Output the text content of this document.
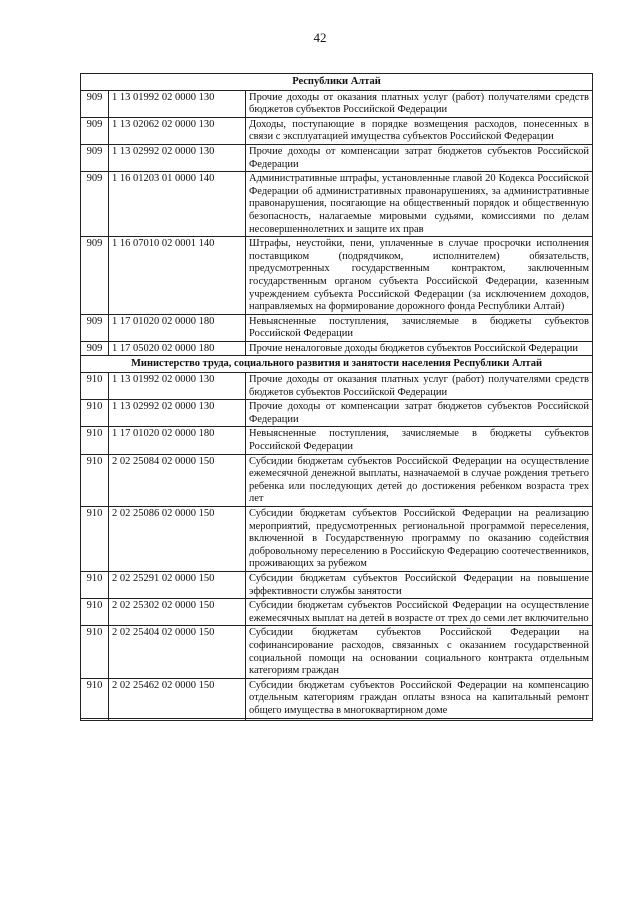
42
Республики Алтай		
909	1 13 01992 02 0000 130	Прочие доходы от оказания платных услуг (работ) получателями средств бюджетов субъектов Российской Федерации
909	1 13 02062 02 0000 130	Доходы, поступающие в порядке возмещения расходов, понесенных в связи с эксплуатацией имущества субъектов Российской Федерации
909	1 13 02992 02 0000 130	Прочие доходы от компенсации затрат бюджетов субъектов Российской Федерации
909	1 16 01203 01 0000 140	Административные штрафы, установленные главой 20 Кодекса Российской Федерации об административных правонарушениях, за административные правонарушения, посягающие на общественный порядок и общественную безопасность, налагаемые мировыми судьями, комиссиями по делам несовершеннолетних и защите их прав
909	1 16 07010 02 0001 140	Штрафы, неустойки, пени, уплаченные в случае просрочки исполнения поставщиком (подрядчиком, исполнителем) обязательств, предусмотренных государственным контрактом, заключенным государственным органом субъекта Российской Федерации, казенным учреждением субъекта Российской Федерации (за исключением доходов, направляемых на формирование дорожного фонда Республики Алтай)
909	1 17 01020 02 0000 180	Невыясненные поступления, зачисляемые в бюджеты субъектов Российской Федерации
909	1 17 05020 02 0000 180	Прочие неналоговые доходы бюджетов субъектов Российской Федерации
Министерство труда, социального развития и занятости населения Республики Алтай		
910	1 13 01992 02 0000 130	Прочие доходы от оказания платных услуг (работ) получателями средств бюджетов субъектов Российской Федерации
910	1 13 02992 02 0000 130	Прочие доходы от компенсации затрат бюджетов субъектов Российской Федерации
910	1 17 01020 02 0000 180	Невыясненные поступления, зачисляемые в бюджеты субъектов Российской Федерации
910	2 02 25084 02 0000 150	Субсидии бюджетам субъектов Российской Федерации на осуществление ежемесячной денежной выплаты, назначаемой в случае рождения третьего ребенка или последующих детей до достижения ребенком возраста трех лет
910	2 02 25086 02 0000 150	Субсидии бюджетам субъектов Российской Федерации на реализацию мероприятий, предусмотренных региональной программой переселения, включенной в Государственную программу по оказанию содействия добровольному переселению в Российскую Федерацию соотечественников, проживающих за рубежом
910	2 02 25291 02 0000 150	Субсидии бюджетам субъектов Российской Федерации на повышение эффективности службы занятости
910	2 02 25302 02 0000 150	Субсидии бюджетам субъектов Российской Федерации на осуществление ежемесячных выплат на детей в возрасте от трех до семи лет включительно
910	2 02 25404 02 0000 150	Субсидии бюджетам субъектов Российской Федерации на софинансирование расходов, связанных с оказанием государственной социальной помощи на основании социального контракта отдельным категориям граждан
910	2 02 25462 02 0000 150	Субсидии бюджетам субъектов Российской Федерации на компенсацию отдельным категориям граждан оплаты взноса на капитальный ремонт общего имущества в многоквартирном доме
